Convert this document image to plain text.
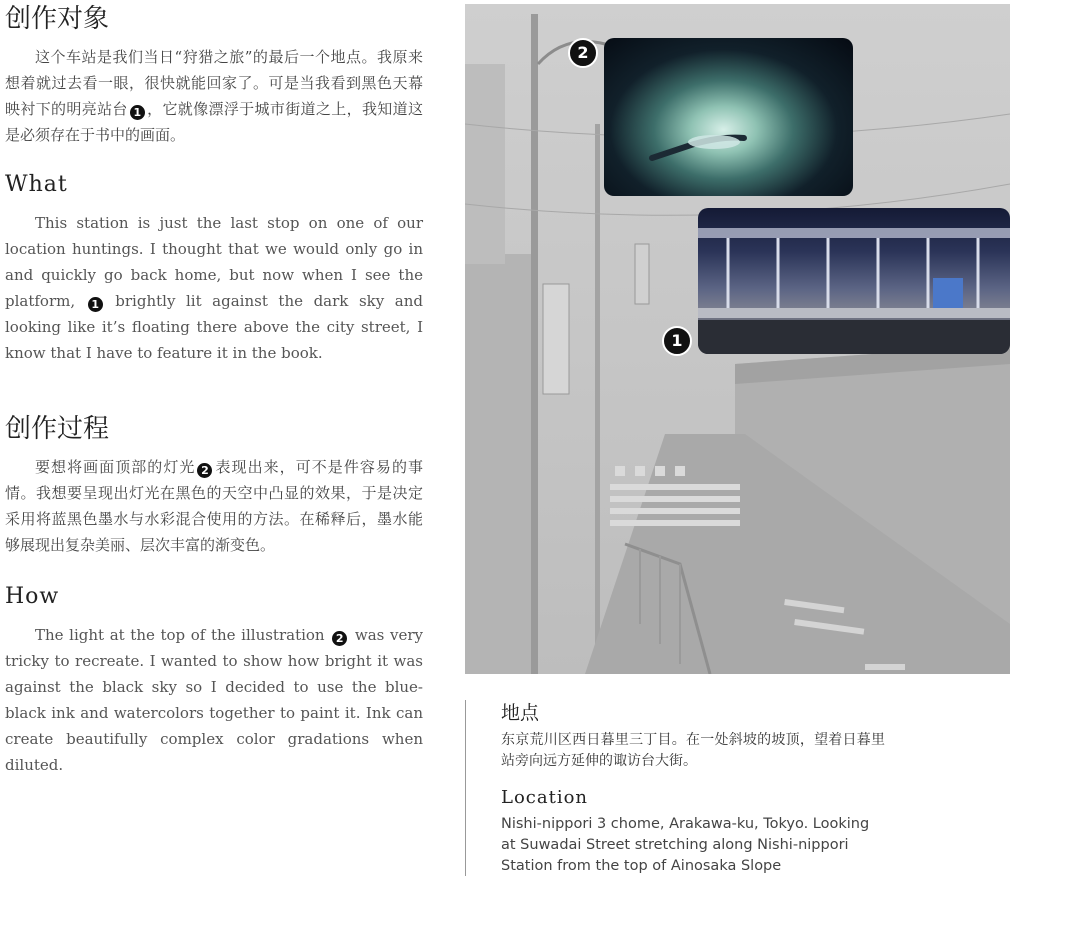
创作对象

这个车站是我们当日“狩猎之旅”的最后一个地点。我原来想着就过去看一眼，很快就能回家了。可是当我看到黑色天幕映衬下的明亮站台 1 ，它就像漂浮于城市街道之上，我知道这是必须存在于书中的画面。

What

This station is just the last stop on one of our location huntings. I thought that we would only go in and quickly go back home, but now when I see the platform, 1 brightly lit against the dark sky and looking like it’s floating there above the city street, I know that I have to feature it in the book.

创作过程

要想将画面顶部的灯光 2 表现出来，可不是件容易的事情。我想要呈现出灯光在黑色的天空中凸显的效果，于是决定采用将蓝黑色墨水与水彩混合使用的方法。在稀释后，墨水能够展现出复杂美丽、层次丰富的渐变色。

How

The light at the top of the illustration 2 was very tricky to recreate. I wanted to show how bright it was against the black sky so I decided to use the blue-black ink and watercolors together to paint it. Ink can create beautifully complex color gradations when diluted.

2
1
地点

东京荒川区西日暮里三丁目。在一处斜坡的坡顶，望着日暮里站旁向远方延伸的诹访台大街。

Location

Nishi-nippori 3 chome, Arakawa-ku, Tokyo. Looking at Suwadai Street stretching along Nishi-nippori Station from the top of Ainosaka Slope
